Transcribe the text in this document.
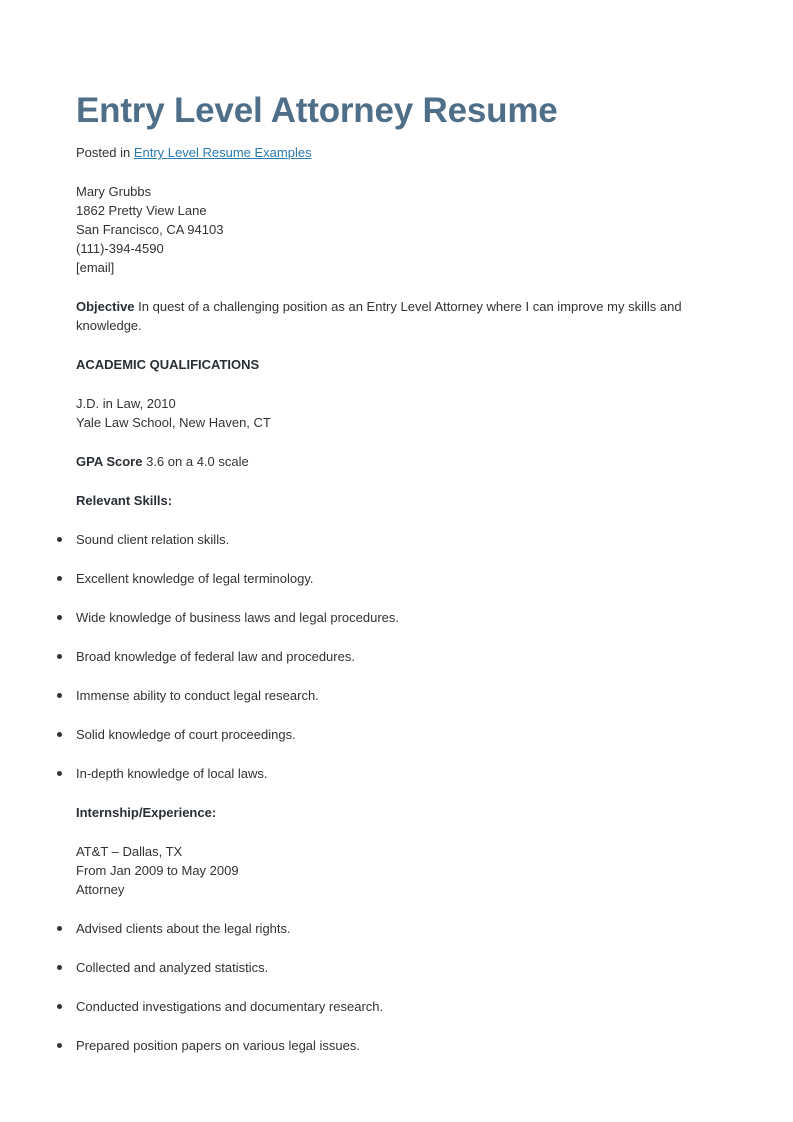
Entry Level Attorney Resume
Posted in Entry Level Resume Examples
Mary Grubbs
1862 Pretty View Lane
San Francisco, CA 94103
(111)-394-4590
[email]
Objective In quest of a challenging position as an Entry Level Attorney where I can improve my skills and knowledge.
ACADEMIC QUALIFICATIONS
J.D. in Law, 2010
Yale Law School, New Haven, CT
GPA Score 3.6 on a 4.0 scale
Relevant Skills:
Sound client relation skills.
Excellent knowledge of legal terminology.
Wide knowledge of business laws and legal procedures.
Broad knowledge of federal law and procedures.
Immense ability to conduct legal research.
Solid knowledge of court proceedings.
In-depth knowledge of local laws.
Internship/Experience:
AT&T – Dallas, TX
From Jan 2009 to May 2009
Attorney
Advised clients about the legal rights.
Collected and analyzed statistics.
Conducted investigations and documentary research.
Prepared position papers on various legal issues.
